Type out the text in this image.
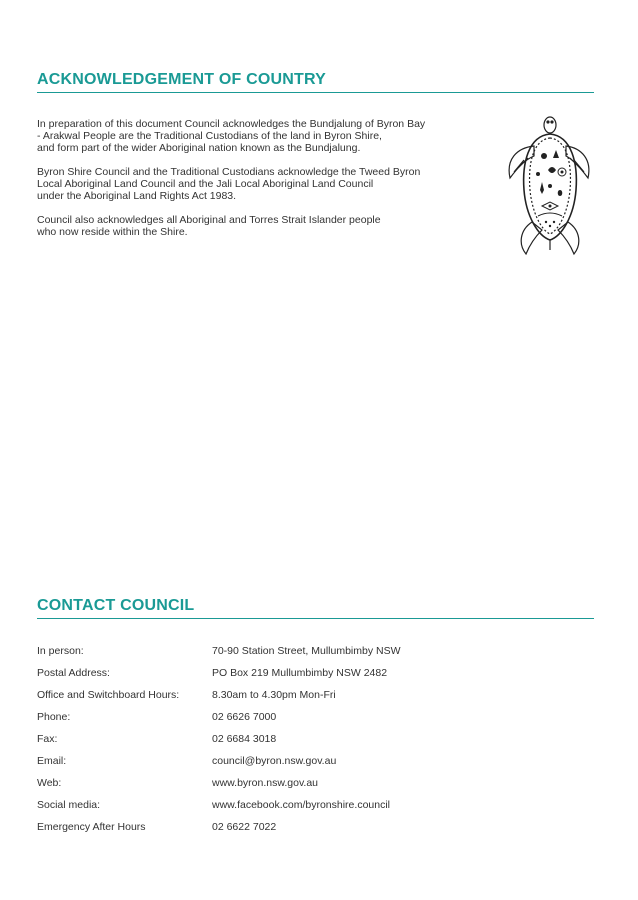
ACKNOWLEDGEMENT OF COUNTRY

In preparation of this document Council acknowledges the Bundjalung of Byron Bay
- Arakwal People are the Traditional Custodians of the land in Byron Shire,
and form part of the wider Aboriginal nation known as the Bundjalung.

Byron Shire Council and the Traditional Custodians acknowledge the Tweed Byron
Local Aboriginal Land Council and the Jali Local Aboriginal Land Council
under the Aboriginal Land Rights Act 1983.

Council also acknowledges all Aboriginal and Torres Strait Islander people
who now reside within the Shire.

CONTACT COUNCIL
In person:	70-90 Station Street, Mullumbimby NSW
Postal Address:	PO Box 219 Mullumbimby NSW 2482
Office and Switchboard Hours:	8.30am to 4.30pm Mon-Fri
Phone:	02 6626 7000
Fax:	02 6684 3018
Email:	council@byron.nsw.gov.au
Web:	www.byron.nsw.gov.au
Social media:	www.facebook.com/byronshire.council
Emergency After Hours	02 6622 7022
